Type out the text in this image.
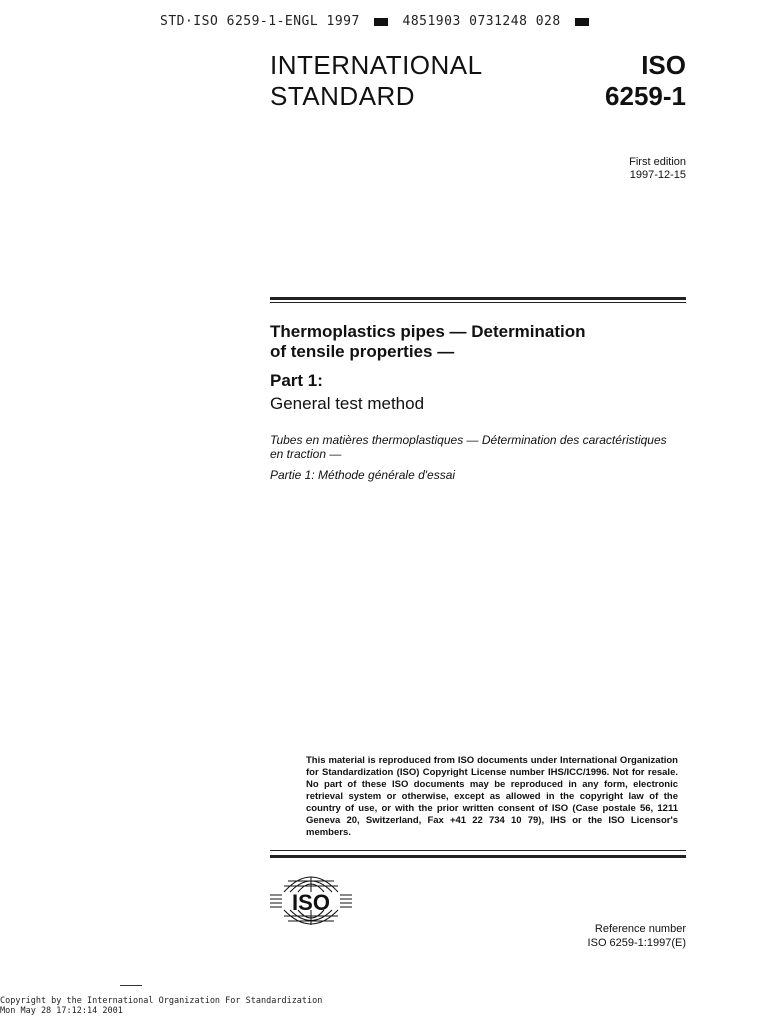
STD·ISO 6259-1-ENGL 1997	4851903 0731248 028
INTERNATIONAL
STANDARD
ISO
6259-1
First edition
1997-12-15
Thermoplastics pipes — Determination
of tensile properties —
Part 1:
General test method
Tubes en matières thermoplastiques — Détermination des caractéristiques
en traction —
Partie 1: Méthode générale d'essai
This material is reproduced from ISO documents under International Organization for Standardization (ISO) Copyright License number IHS/ICC/1996. Not for resale. No part of these ISO documents may be reproduced in any form, electronic retrieval system or otherwise, except as allowed in the copyright law of the country of use, or with the prior written consent of ISO (Case postale 56, 1211 Geneva 20, Switzerland, Fax +41 22 734 10 79), IHS or the ISO Licensor's members.
ISO
Reference number
ISO 6259-1:1997(E)
Copyright by the International Organization For Standardization
Mon May 28 17:12:14 2001
